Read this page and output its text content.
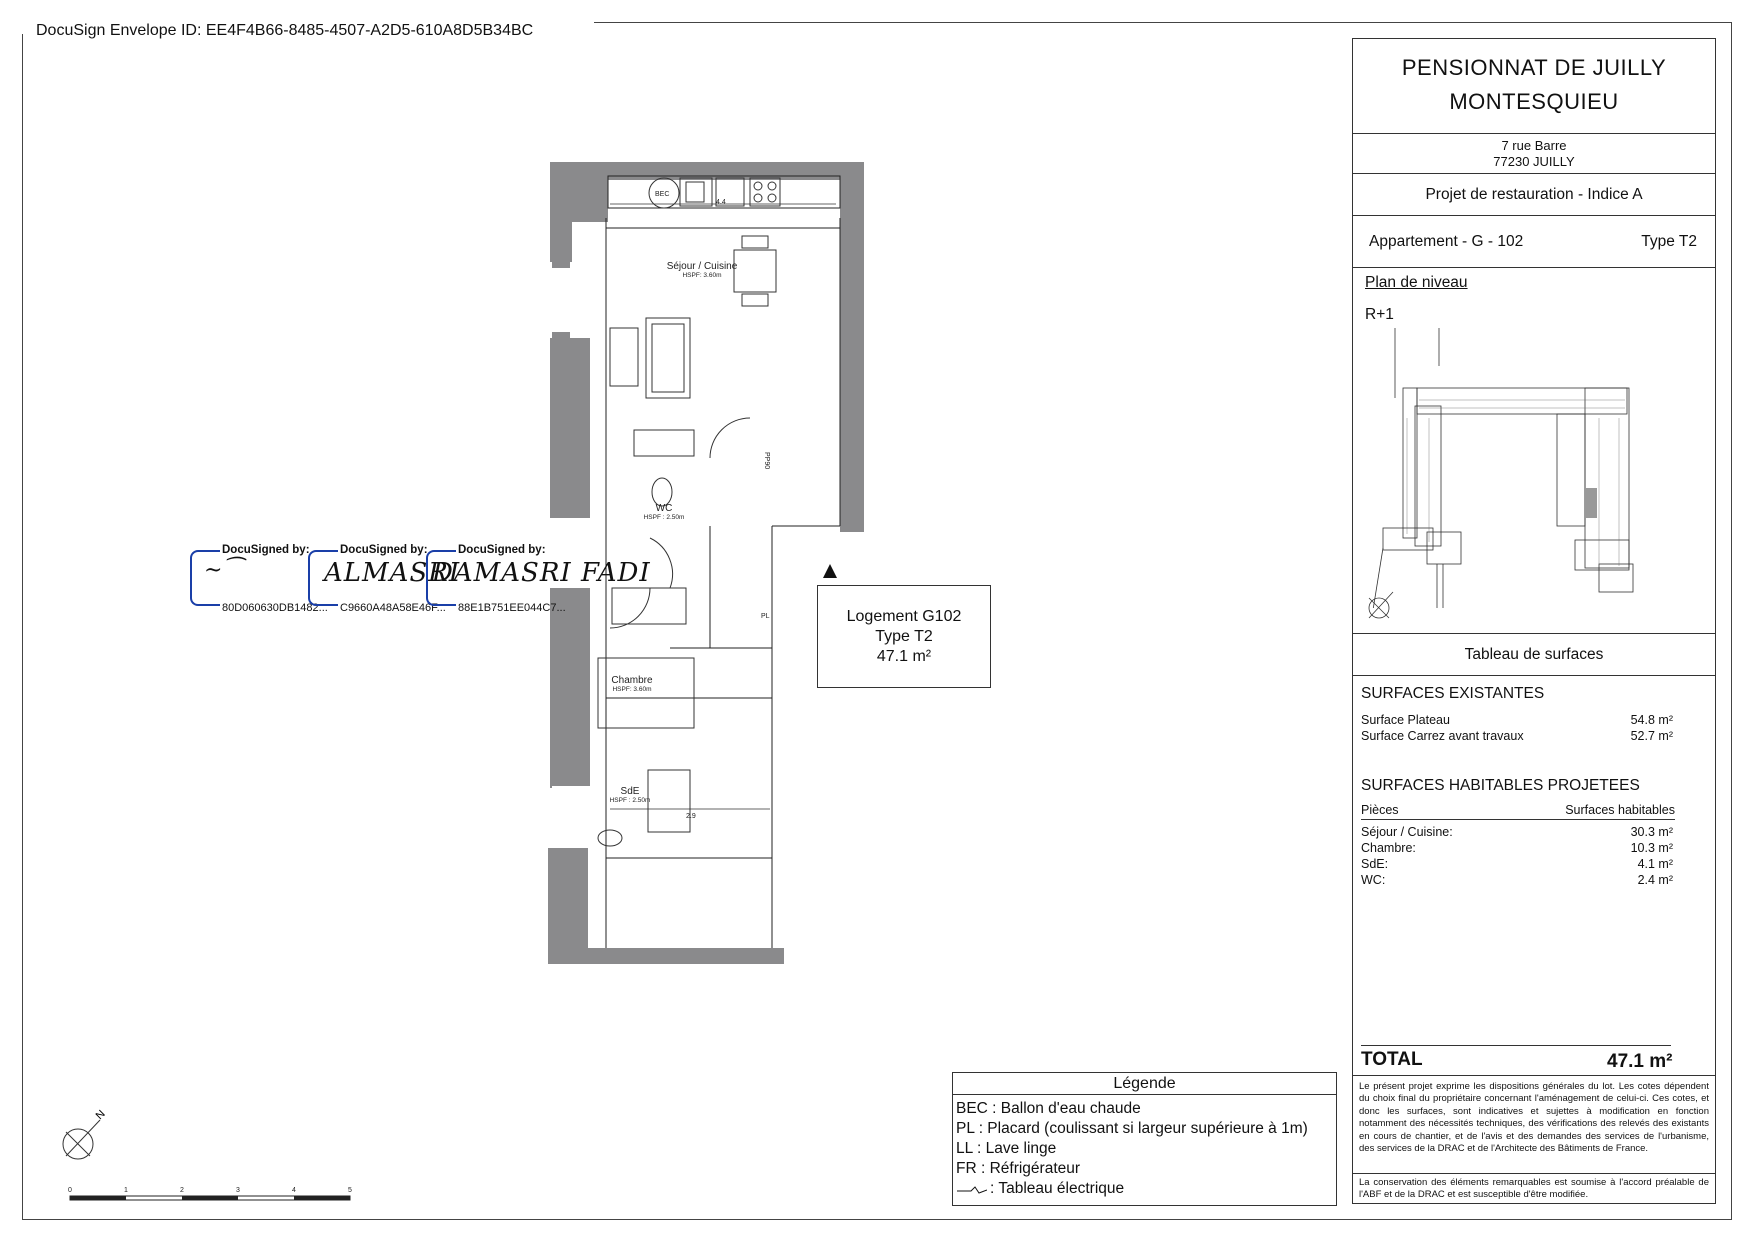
DocuSign Envelope ID: EE4F4B66-8485-4507-A2D5-610A8D5B34BC
BEC
4.4
2.9
PP90
PL
Séjour / Cuisine
HSPF: 3.60m
WC
HSPF : 2.50m
Chambre
HSPF: 3.60m
SdE
HSPF : 2.50m
Logement G102
Type T2
47.1 m²
DocuSigned by:
~⁀
80D060630DB1482...
DocuSigned by:
ALMASRI
C9660A48A58E46F...
DocuSigned by:
DAMASRI FADI
88E1B751EE044C7...
N
0	1	2	3	4	5
Légende
BEC : Ballon d'eau chaude
PL : Placard (coulissant si largeur supérieure à 1m)
LL : Lave linge
FR : Réfrigérateur
: Tableau électrique
PENSIONNAT DE JUILLY
MONTESQUIEU
7 rue Barre
77230 JUILLY
Projet de restauration - Indice A
Appartement - G - 102	Type T2
Plan de niveau
R+1
Tableau de surfaces
SURFACES EXISTANTES
Surface Plateau	54.8 m²
Surface Carrez avant travaux	52.7 m²
SURFACES HABITABLES PROJETEES
Pièces	Surfaces habitables
Séjour / Cuisine:	30.3 m²
Chambre:	10.3 m²
SdE:	4.1 m²
WC:	2.4 m²
TOTAL	47.1 m²
Le présent projet exprime les dispositions générales du lot. Les cotes dépendent du choix final du propriétaire concernant l'aménagement de celui-ci. Ces cotes, et donc les surfaces, sont indicatives et sujettes à modification en fonction notamment des nécessités techniques, des vérifications des relevés des existants en cours de chantier, et de l'avis et des demandes des services de l'urbanisme, des services de la DRAC et de l'Architecte des Bâtiments de France.
La conservation des éléments remarquables est soumise à l'accord préalable de l'ABF et de la DRAC et est susceptible d'être modifiée.
